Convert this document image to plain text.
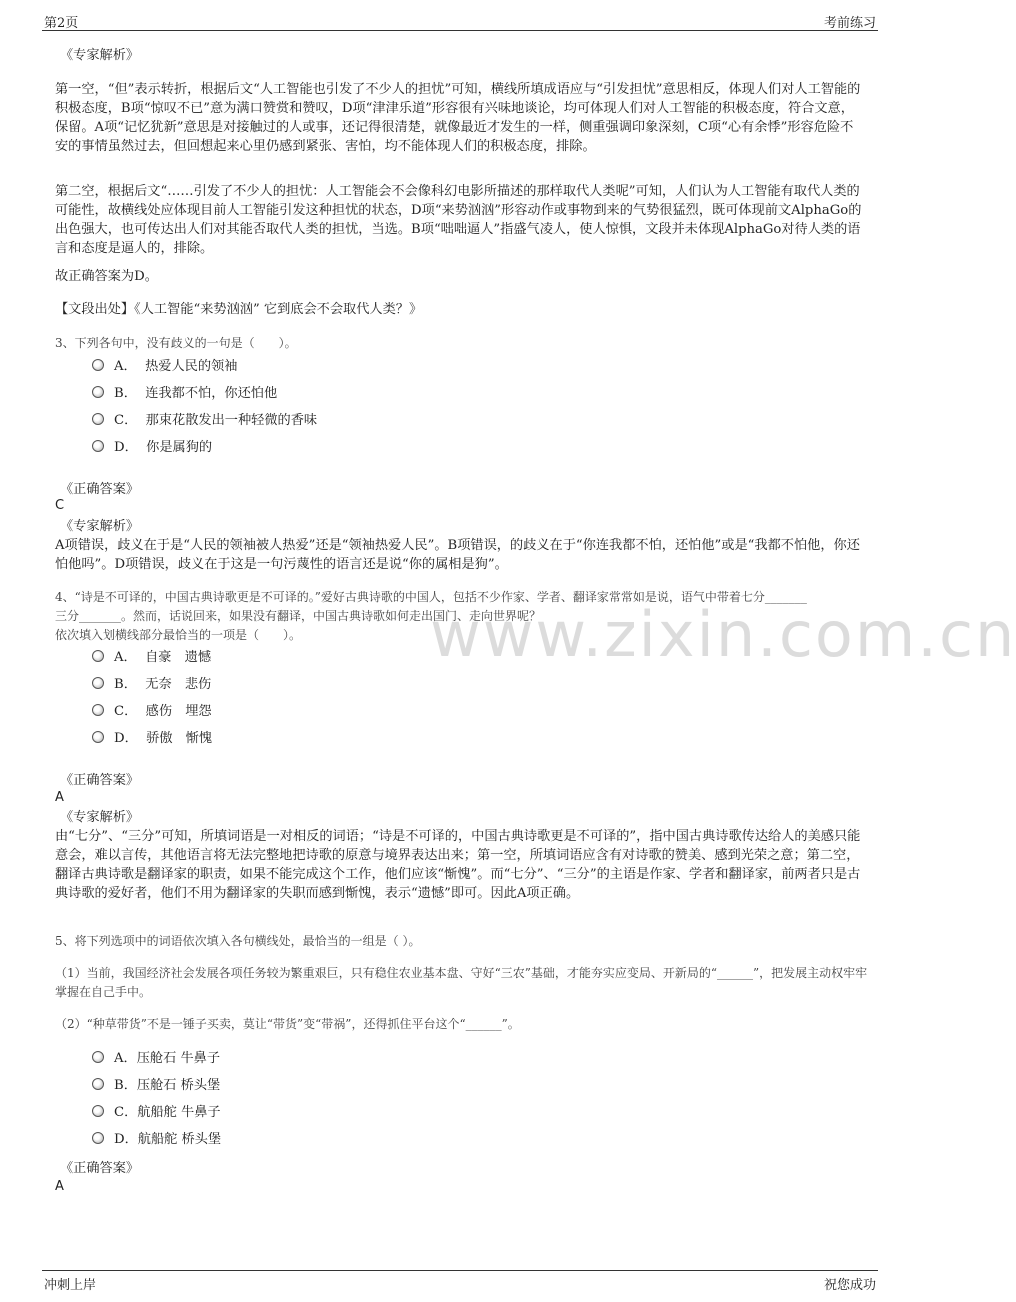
第2页	考前练习
www.zixin.com.cn

《专家解析》

第一空，“但”表示转折，根据后文“人工智能也引发了不少人的担忧”可知，横线所填成语应与“引发担忧”意思相反，体现人们对人工智能的积极态度，B项“惊叹不已”意为满口赞赏和赞叹，D项“津津乐道”形容很有兴味地谈论，均可体现人们对人工智能的积极态度，符合文意，保留。A项“记忆犹新”意思是对接触过的人或事，还记得很清楚，就像最近才发生的一样，侧重强调印象深刻，C项“心有余悸”形容危险不安的事情虽然过去，但回想起来心里仍感到紧张、害怕，均不能体现人们的积极态度，排除。

第二空，根据后文“……引发了不少人的担忧：人工智能会不会像科幻电影所描述的那样取代人类呢”可知，人们认为人工智能有取代人类的可能性，故横线处应体现目前人工智能引发这种担忧的状态，D项“来势汹汹”形容动作或事物到来的气势很猛烈，既可体现前文AlphaGo的出色强大，也可传达出人们对其能否取代人类的担忧，当选。B项“咄咄逼人”指盛气凌人，使人惊惧，文段并未体现AlphaGo对待人类的语言和态度是逼人的，排除。

故正确答案为D。

【文段出处】《人工智能“来势汹汹” 它到底会不会取代人类？》

3、下列各句中，没有歧义的一句是（　　）。

A． 热爱人民的领袖
B． 连我都不怕，你还怕他
C． 那束花散发出一种轻微的香味
D． 你是属狗的

《正确答案》

C

《专家解析》

A项错误，歧义在于是“人民的领袖被人热爱”还是“领袖热爱人民”。B项错误，的歧义在于“你连我都不怕，还怕他”或是“我都不怕他，你还怕他吗”。D项错误，歧义在于这是一句污蔑性的语言还是说“你的属相是狗”。

4、“诗是不可译的，中国古典诗歌更是不可译的。”爱好古典诗歌的中国人，包括不少作家、学者、翻译家常常如是说，语气中带着七分_______

三分_______。然而，话说回来，如果没有翻译，中国古典诗歌如何走出国门、走向世界呢？

依次填入划横线部分最恰当的一项是（　　）。

A． 自豪　遗憾
B． 无奈　悲伤
C． 感伤　埋怨
D． 骄傲　惭愧

《正确答案》

A

《专家解析》

由“七分”、“三分”可知，所填词语是一对相反的词语；“诗是不可译的，中国古典诗歌更是不可译的”，指中国古典诗歌传达给人的美感只能意会，难以言传，其他语言将无法完整地把诗歌的原意与境界表达出来；第一空，所填词语应含有对诗歌的赞美、感到光荣之意；第二空，翻译古典诗歌是翻译家的职责，如果不能完成这个工作，他们应该“惭愧”。而“七分”、“三分”的主语是作家、学者和翻译家，前两者只是古典诗歌的爱好者，他们不用为翻译家的失职而感到惭愧，表示“遗憾”即可。因此A项正确。

5、将下列选项中的词语依次填入各句横线处，最恰当的一组是（ ）。

（1）当前，我国经济社会发展各项任务较为繁重艰巨，只有稳住农业基本盘、守好“三农”基础，才能夯实应变局、开新局的“______”，把发展主动权牢牢掌握在自己手中。

（2）“种草带货”不是一锤子买卖，莫让“带货”变“带祸”，还得抓住平台这个“______”。

A．压舱石 牛鼻子
B．压舱石 桥头堡
C．航船舵 牛鼻子
D．航船舵 桥头堡

《正确答案》

A
冲刺上岸	祝您成功
